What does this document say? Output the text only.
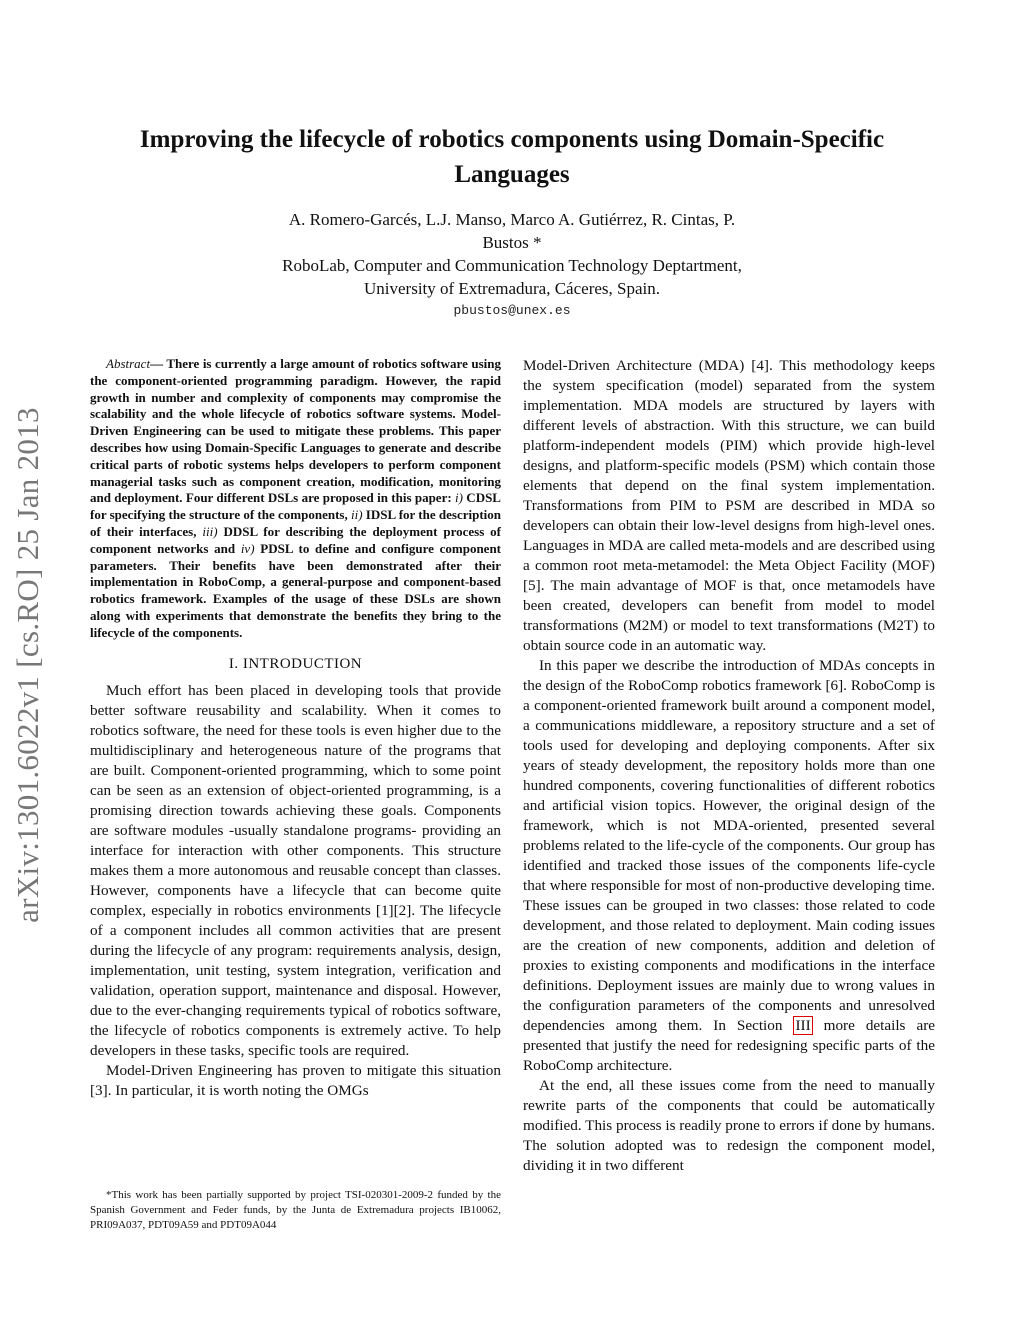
Improving the lifecycle of robotics components using Domain-Specific Languages
A. Romero-Garcés, L.J. Manso, Marco A. Gutiérrez, R. Cintas, P.
Bustos *
RoboLab, Computer and Communication Technology Deptartment,
University of Extremadura, Cáceres, Spain.
pbustos@unex.es
arXiv:1301.6022v1 [cs.RO] 25 Jan 2013

Abstract— There is currently a large amount of robotics software using the component-oriented programming paradigm. However, the rapid growth in number and complexity of components may compromise the scalability and the whole lifecycle of robotics software systems. Model-Driven Engineering can be used to mitigate these problems. This paper describes how using Domain-Specific Languages to generate and describe critical parts of robotic systems helps developers to perform component managerial tasks such as component creation, modification, monitoring and deployment. Four different DSLs are proposed in this paper: i) CDSL for specifying the structure of the components, ii) IDSL for the description of their interfaces, iii) DDSL for describing the deployment process of component networks and iv) PDSL to define and configure component parameters. Their benefits have been demonstrated after their implementation in RoboComp, a general-purpose and component-based robotics framework. Examples of the usage of these DSLs are shown along with experiments that demonstrate the benefits they bring to the lifecycle of the components.

I. INTRODUCTION

Much effort has been placed in developing tools that provide better software reusability and scalability. When it comes to robotics software, the need for these tools is even higher due to the multidisciplinary and heterogeneous nature of the programs that are built. Component-oriented programming, which to some point can be seen as an extension of object-oriented programming, is a promising direction towards achieving these goals. Components are software modules -usually standalone programs- providing an interface for interaction with other components. This structure makes them a more autonomous and reusable concept than classes. However, components have a lifecycle that can become quite complex, especially in robotics environments [1][2]. The lifecycle of a component includes all common activities that are present during the lifecycle of any program: requirements analysis, design, implementation, unit testing, system integration, verification and validation, operation support, maintenance and disposal. However, due to the ever-changing requirements typical of robotics software, the lifecycle of robotics components is extremely active. To help developers in these tasks, specific tools are required.

Model-Driven Engineering has proven to mitigate this situation [3]. In particular, it is worth noting the OMGs

*This work has been partially supported by project TSI-020301-2009-2 funded by the Spanish Government and Feder funds, by the Junta de Extremadura projects IB10062, PRI09A037, PDT09A59 and PDT09A044

Model-Driven Architecture (MDA) [4]. This methodology keeps the system specification (model) separated from the system implementation. MDA models are structured by layers with different levels of abstraction. With this structure, we can build platform-independent models (PIM) which provide high-level designs, and platform-specific models (PSM) which contain those elements that depend on the final system implementation. Transformations from PIM to PSM are described in MDA so developers can obtain their low-level designs from high-level ones. Languages in MDA are called meta-models and are described using a common root meta-metamodel: the Meta Object Facility (MOF) [5]. The main advantage of MOF is that, once metamodels have been created, developers can benefit from model to model transformations (M2M) or model to text transformations (M2T) to obtain source code in an automatic way.

In this paper we describe the introduction of MDAs concepts in the design of the RoboComp robotics framework [6]. RoboComp is a component-oriented framework built around a component model, a communications middleware, a repository structure and a set of tools used for developing and deploying components. After six years of steady development, the repository holds more than one hundred components, covering functionalities of different robotics and artificial vision topics. However, the original design of the framework, which is not MDA-oriented, presented several problems related to the life-cycle of the components. Our group has identified and tracked those issues of the components life-cycle that where responsible for most of non-productive developing time. These issues can be grouped in two classes: those related to code development, and those related to deployment. Main coding issues are the creation of new components, addition and deletion of proxies to existing components and modifications in the interface definitions. Deployment issues are mainly due to wrong values in the configuration parameters of the components and unresolved dependencies among them. In Section III more details are presented that justify the need for redesigning specific parts of the RoboComp architecture.

At the end, all these issues come from the need to manually rewrite parts of the components that could be automatically modified. This process is readily prone to errors if done by humans. The solution adopted was to redesign the component model, dividing it in two different
